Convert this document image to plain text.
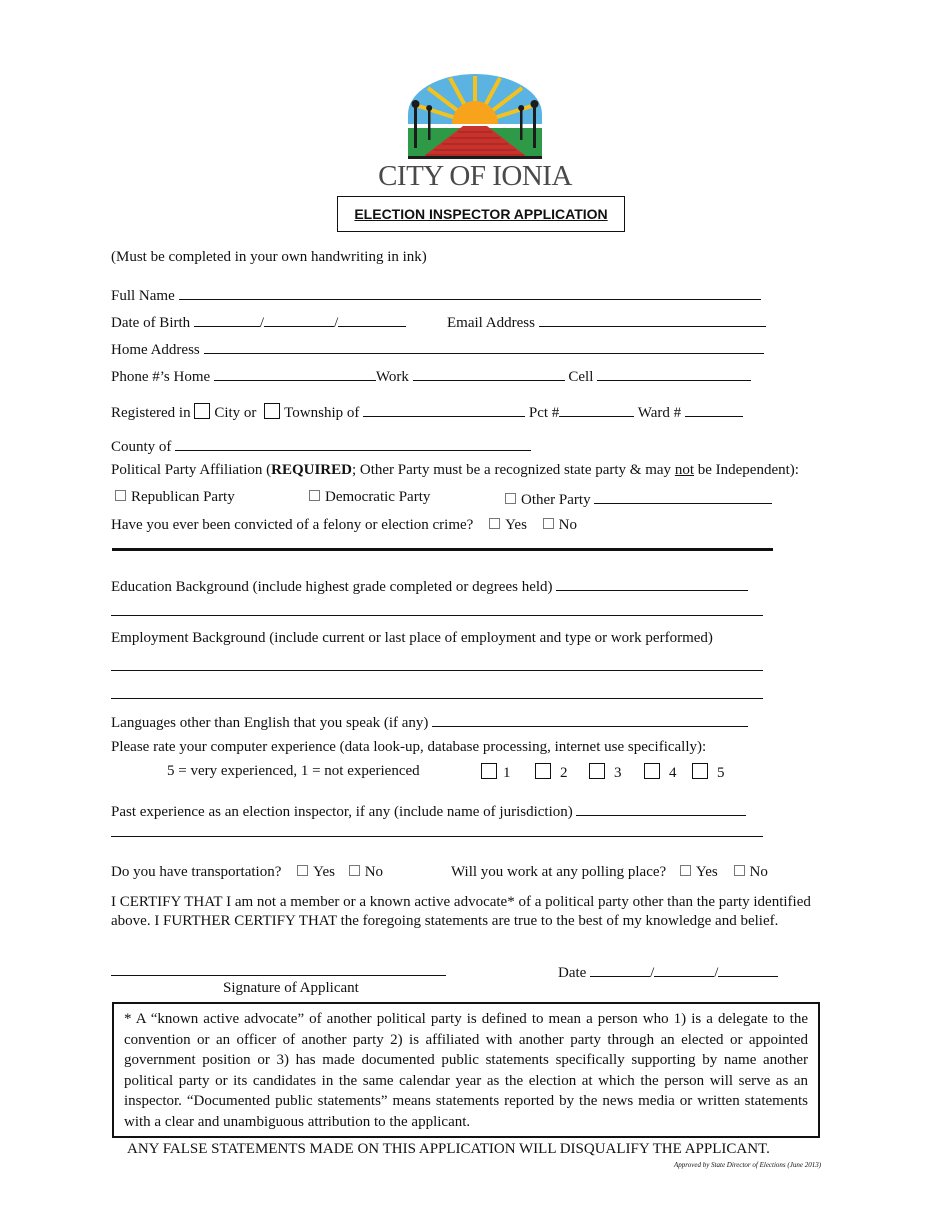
CITY OF IONIA
ELECTION INSPECTOR APPLICATION
(Must be completed in your own handwriting in ink)
Full Name
Date of Birth	/	/	Email Address
Home Address
Phone #’s Home	Work	Cell
Registered in City or Township of	Pct #	Ward #
County of
Political Party Affiliation (REQUIRED; Other Party must be a recognized state party & may not be Independent):
Republican Party	Democratic Party	Other Party
Have you ever been convicted of a felony or election crime? Yes No
Education Background (include highest grade completed or degrees held)
Employment Background (include current or last place of employment and type or work performed)
Languages other than English that you speak (if any)
Please rate your computer experience (data look-up, database processing, internet use specifically):
5 = very experienced, 1 = not experienced	1	2	3	4	5
Past experience as an election inspector, if any (include name of jurisdiction)
Do you have transportation? Yes No	Will you work at any polling place? Yes No
I CERTIFY THAT I am not a member or a known active advocate* of a political party other than the party identified above. I FURTHER CERTIFY THAT the foregoing statements are true to the best of my knowledge and belief.
Signature of Applicant
Date	/	/
* A “known active advocate” of another political party is defined to mean a person who 1) is a delegate to the convention or an officer of another party 2) is affiliated with another party through an elected or appointed government position or 3) has made documented public statements specifically supporting by name another political party or its candidates in the same calendar year as the election at which the person will serve as an inspector. “Documented public statements” means statements reported by the news media or written statements with a clear and unambiguous attribution to the applicant.
ANY FALSE STATEMENTS MADE ON THIS APPLICATION WILL DISQUALIFY THE APPLICANT.
Approved by State Director of Elections (June 2013)
